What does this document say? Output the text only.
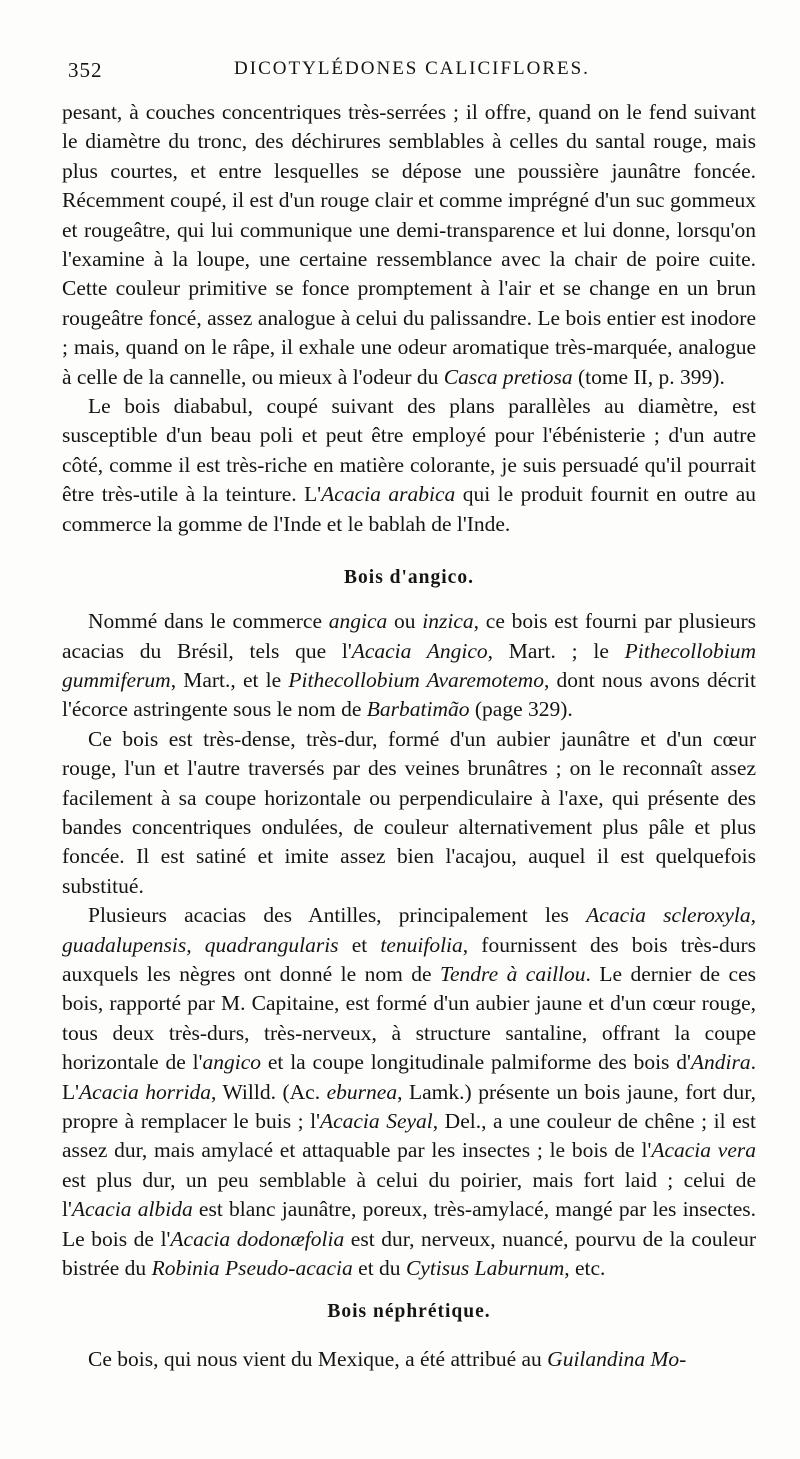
352	DICOTYLÉDONES CALICIFLORES.

pesant, à couches concentriques très-serrées ; il offre, quand on le fend suivant le diamètre du tronc, des déchirures semblables à celles du santal rouge, mais plus courtes, et entre lesquelles se dépose une poussière jaunâtre foncée. Récemment coupé, il est d'un rouge clair et comme imprégné d'un suc gommeux et rougeâtre, qui lui communique une demi-transparence et lui donne, lorsqu'on l'examine à la loupe, une certaine ressemblance avec la chair de poire cuite. Cette couleur primitive se fonce promptement à l'air et se change en un brun rougeâtre foncé, assez analogue à celui du palissandre. Le bois entier est inodore ; mais, quand on le râpe, il exhale une odeur aromatique très-marquée, analogue à celle de la cannelle, ou mieux à l'odeur du Casca pretiosa (tome II, p. 399).

Le bois diababul, coupé suivant des plans parallèles au diamètre, est susceptible d'un beau poli et peut être employé pour l'ébénisterie ; d'un autre côté, comme il est très-riche en matière colorante, je suis persuadé qu'il pourrait être très-utile à la teinture. L'Acacia arabica qui le produit fournit en outre au commerce la gomme de l'Inde et le bablah de l'Inde.

Bois d'angico.

Nommé dans le commerce angica ou inzica, ce bois est fourni par plusieurs acacias du Brésil, tels que l'Acacia Angico, Mart. ; le Pithecollobium gummiferum, Mart., et le Pithecollobium Avaremotemo, dont nous avons décrit l'écorce astringente sous le nom de Barbatimão (page 329).

Ce bois est très-dense, très-dur, formé d'un aubier jaunâtre et d'un cœur rouge, l'un et l'autre traversés par des veines brunâtres ; on le reconnaît assez facilement à sa coupe horizontale ou perpendiculaire à l'axe, qui présente des bandes concentriques ondulées, de couleur alternativement plus pâle et plus foncée. Il est satiné et imite assez bien l'acajou, auquel il est quelquefois substitué.

Plusieurs acacias des Antilles, principalement les Acacia scleroxyla, guadalupensis, quadrangularis et tenuifolia, fournissent des bois très-durs auxquels les nègres ont donné le nom de Tendre à caillou. Le dernier de ces bois, rapporté par M. Capitaine, est formé d'un aubier jaune et d'un cœur rouge, tous deux très-durs, très-nerveux, à structure santaline, offrant la coupe horizontale de l'angico et la coupe longitudinale palmiforme des bois d'Andira. L'Acacia horrida, Willd. (Ac. eburnea, Lamk.) présente un bois jaune, fort dur, propre à remplacer le buis ; l'Acacia Seyal, Del., a une couleur de chêne ; il est assez dur, mais amylacé et attaquable par les insectes ; le bois de l'Acacia vera est plus dur, un peu semblable à celui du poirier, mais fort laid ; celui de l'Acacia albida est blanc jaunâtre, poreux, très-amylacé, mangé par les insectes. Le bois de l'Acacia dodonæfolia est dur, nerveux, nuancé, pourvu de la couleur bistrée du Robinia Pseudo-acacia et du Cytisus Laburnum, etc.

Bois néphrétique.

Ce bois, qui nous vient du Mexique, a été attribué au Guilandina Mo-
